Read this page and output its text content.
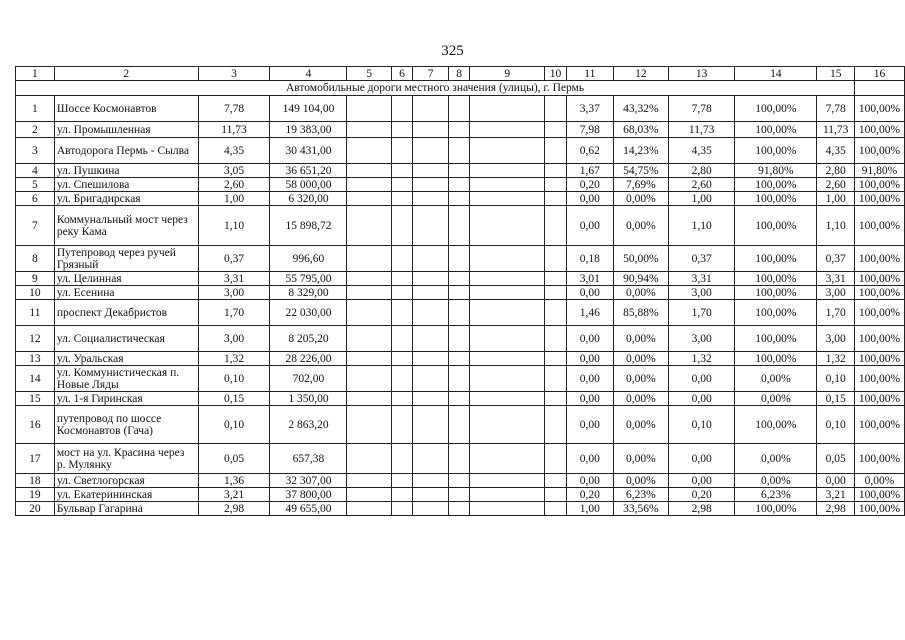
325
1	2	3	4	5	6	7	8	9	10	11	12	13	14	15	16
Автомобильные дороги местного значения (улицы), г. Пермь															
1	Шоссе Космонавтов	7,78	149 104,00							3,37	43,32%	7,78	100,00%	7,78	100,00%
2	ул. Промышленная	11,73	19 383,00							7,98	68,03%	11,73	100,00%	11,73	100,00%
3	Автодорога Пермь - Сылва	4,35	30 431,00							0,62	14,23%	4,35	100,00%	4,35	100,00%
4	ул. Пушкина	3,05	36 651,20							1,67	54,75%	2,80	91,80%	2,80	91,80%
5	ул. Спешилова	2,60	58 000,00							0,20	7,69%	2,60	100,00%	2,60	100,00%
6	ул. Бригадирская	1,00	6 320,00							0,00	0,00%	1,00	100,00%	1,00	100,00%
7	Коммунальный мост через реку Кама	1,10	15 898,72							0,00	0,00%	1,10	100,00%	1,10	100,00%
8	Путепровод через ручей Грязный	0,37	996,60							0,18	50,00%	0,37	100,00%	0,37	100,00%
9	ул. Целинная	3,31	55 795,00							3,01	90,94%	3,31	100,00%	3,31	100,00%
10	ул. Есенина	3,00	8 329,00							0,00	0,00%	3,00	100,00%	3,00	100,00%
11	проспект Декабристов	1,70	22 030,00							1,46	85,88%	1,70	100,00%	1,70	100,00%
12	ул. Социалистическая	3,00	8 205,20							0,00	0,00%	3,00	100,00%	3,00	100,00%
13	ул. Уральская	1,32	28 226,00							0,00	0,00%	1,32	100,00%	1,32	100,00%
14	ул. Коммунистическая п. Новые Ляды	0,10	702,00							0,00	0,00%	0,00	0,00%	0,10	100,00%
15	ул. 1-я Гиринская	0,15	1 350,00							0,00	0,00%	0,00	0,00%	0,15	100,00%
16	путепровод по шоссе Космонавтов (Гача)	0,10	2 863,20							0,00	0,00%	0,10	100,00%	0,10	100,00%
17	мост на ул. Красина через р. Мулянку	0,05	657,38							0,00	0,00%	0,00	0,00%	0,05	100,00%
18	ул. Светлогорская	1,36	32 307,00							0,00	0,00%	0,00	0,00%	0,00	0,00%
19	ул. Екатерининская	3,21	37 800,00							0,20	6,23%	0,20	6,23%	3,21	100,00%
20	Бульвар Гагарина	2,98	49 655,00							1,00	33,56%	2,98	100,00%	2,98	100,00%
